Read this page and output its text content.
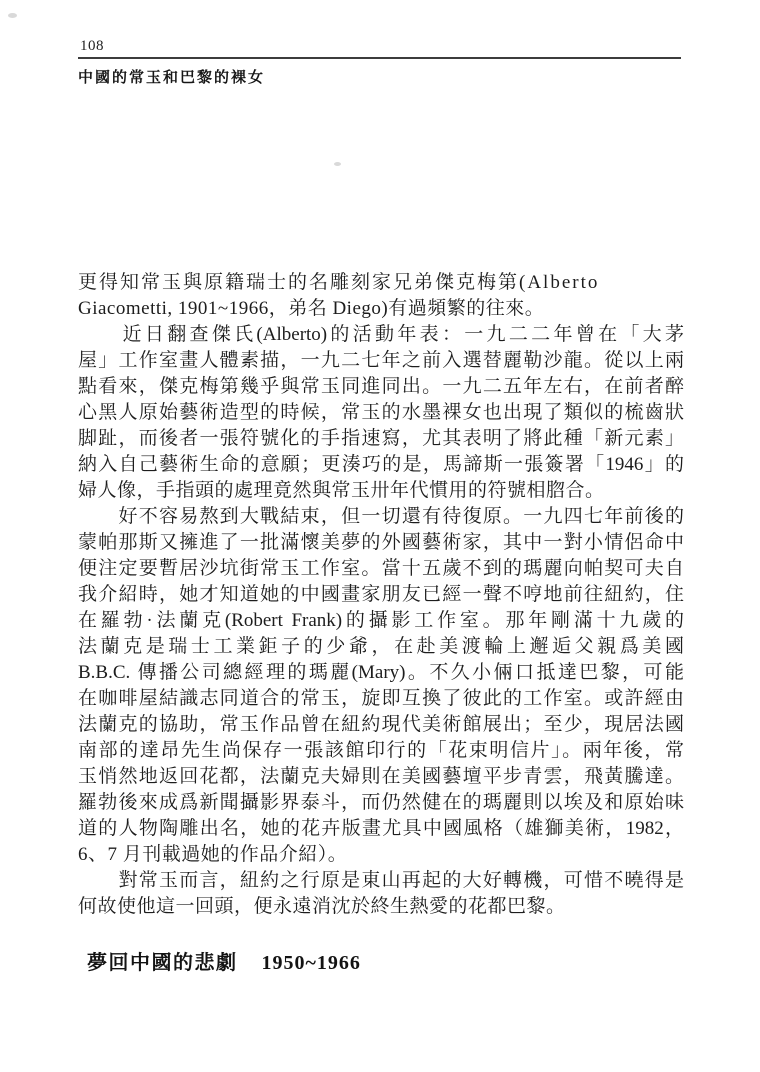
108
中國的常玉和巴黎的裸女
更得知常玉與原籍瑞士的名雕刻家兄弟傑克梅第(Alberto
Giacometti, 1901~1966，弟名 Diego)有過頻繁的往來。
　　近日翻查傑氏(Alberto)的活動年表：一九二二年曾在「大茅
屋」工作室畫人體素描，一九二七年之前入選替麗勒沙龍。從以上兩
點看來，傑克梅第幾乎與常玉同進同出。一九二五年左右，在前者醉
心黑人原始藝術造型的時候，常玉的水墨裸女也出現了類似的梳齒狀
脚趾，而後者一張符號化的手指速寫，尤其表明了將此種「新元素」
納入自己藝術生命的意願；更湊巧的是，馬諦斯一張簽署「1946」的
婦人像，手指頭的處理竟然與常玉卅年代慣用的符號相脗合。
　　好不容易熬到大戰結束，但一切還有待復原。一九四七年前後的
蒙帕那斯又擁進了一批滿懷美夢的外國藝術家，其中一對小情侶命中
便注定要暫居沙坑街常玉工作室。當十五歲不到的瑪麗向帕契可夫自
我介紹時，她才知道她的中國畫家朋友已經一聲不哼地前往紐約，住
在羅勃·法蘭克(Robert Frank)的攝影工作室。那年剛滿十九歲的
法蘭克是瑞士工業鉅子的少爺，在赴美渡輪上邂逅父親爲美國
B.B.C. 傳播公司總經理的瑪麗(Mary)。不久小倆口抵達巴黎，可能
在咖啡屋結識志同道合的常玉，旋即互換了彼此的工作室。或許經由
法蘭克的協助，常玉作品曾在紐約現代美術館展出；至少，現居法國
南部的達昂先生尚保存一張該館印行的「花束明信片」。兩年後，常
玉悄然地返回花都，法蘭克夫婦則在美國藝壇平步青雲，飛黃騰達。
羅勃後來成爲新聞攝影界泰斗，而仍然健在的瑪麗則以埃及和原始味
道的人物陶雕出名，她的花卉版畫尤具中國風格（雄獅美術，1982，
6、7 月刊載過她的作品介紹）。
　　對常玉而言，紐約之行原是東山再起的大好轉機，可惜不曉得是
何故使他這一回頭，便永遠消沈於終生熱愛的花都巴黎。
夢回中國的悲劇 1950~1966
